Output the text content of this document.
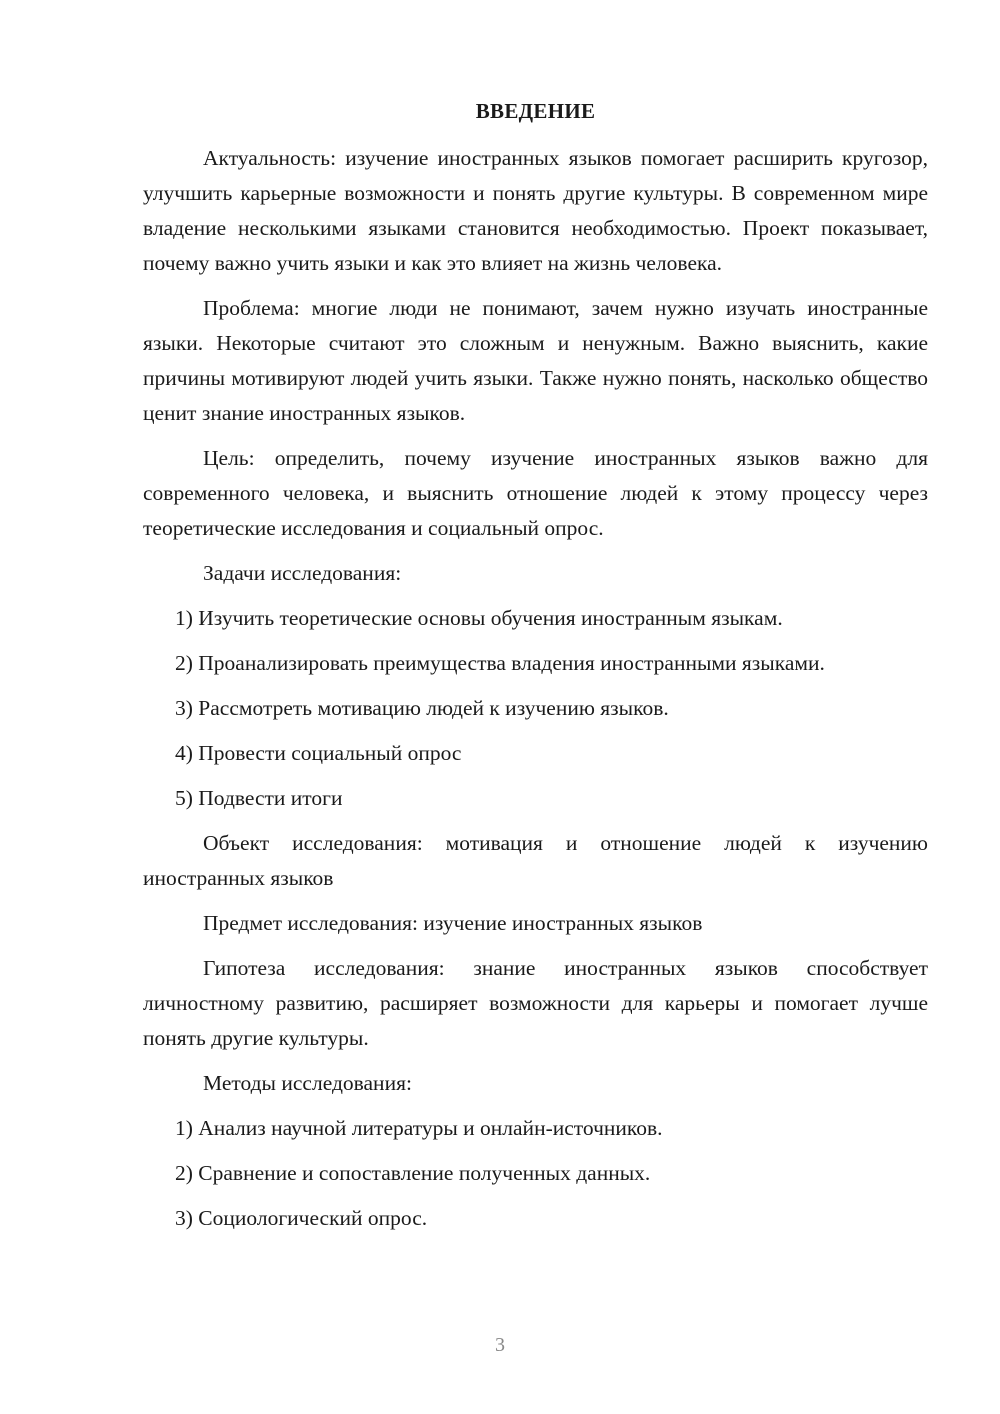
ВВЕДЕНИЕ

Актуальность: изучение иностранных языков помогает расширить кругозор, улучшить карьерные возможности и понять другие культуры. В современном мире владение несколькими языками становится необходимостью. Проект показывает, почему важно учить языки и как это влияет на жизнь человека.

Проблема: многие люди не понимают, зачем нужно изучать иностранные языки. Некоторые считают это сложным и ненужным. Важно выяснить, какие причины мотивируют людей учить языки. Также нужно понять, насколько общество ценит знание иностранных языков.

Цель: определить, почему изучение иностранных языков важно для современного человека, и выяснить отношение людей к этому процессу через теоретические исследования и социальный опрос.

Задачи исследования:

1) Изучить теоретические основы обучения иностранным языкам.

2) Проанализировать преимущества владения иностранными языками.

3) Рассмотреть мотивацию людей к изучению языков.

4) Провести социальный опрос

5) Подвести итоги

Объект исследования: мотивация и отношение людей к изучению иностранных языков

Предмет исследования: изучение иностранных языков

Гипотеза исследования: знание иностранных языков способствует личностному развитию, расширяет возможности для карьеры и помогает лучше понять другие культуры.

Методы исследования:

1) Анализ научной литературы и онлайн-источников.

2) Сравнение и сопоставление полученных данных.

3) Социологический опрос.

3
